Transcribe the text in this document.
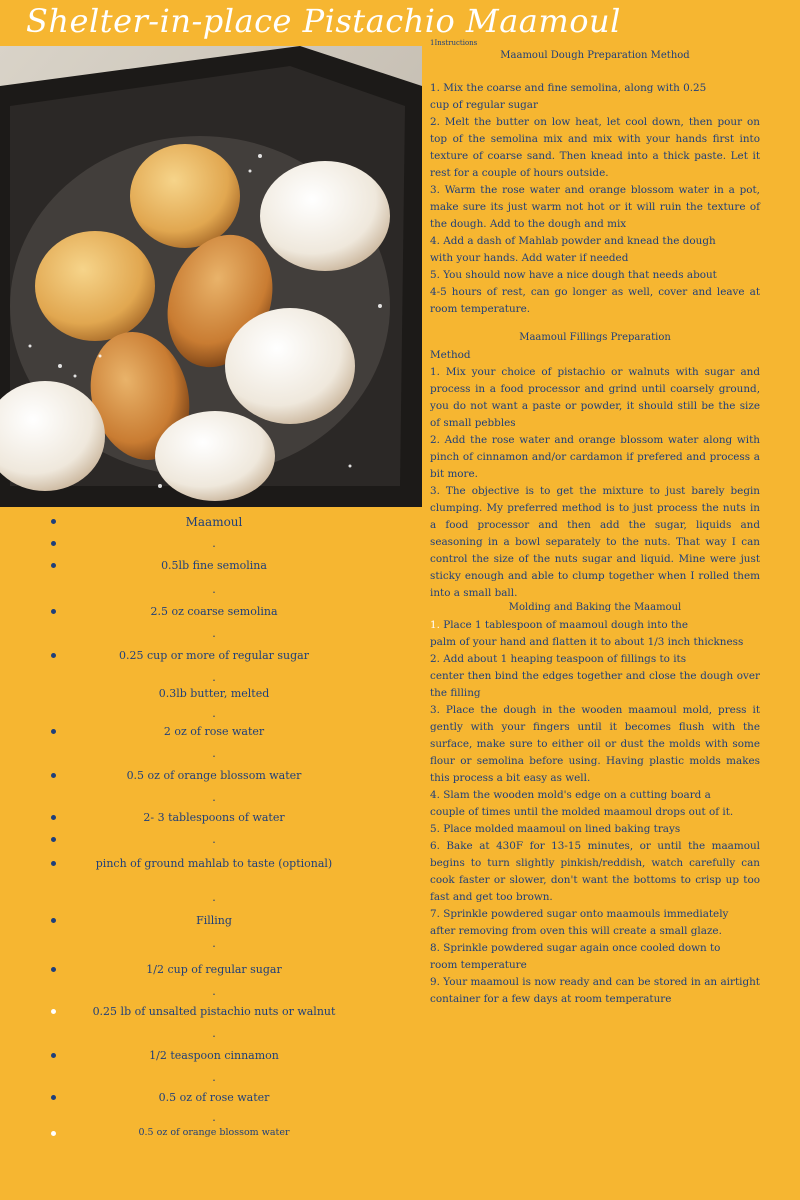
Shelter-in-place Pistachio Maamoul
1Instructions
Maamoul Dough Preparation Method

1. Mix the coarse and fine semolina, along with 0.25

cup of regular sugar

2. Melt the butter on low heat, let cool down, then pour on top of the semolina mix and mix with your hands first into texture of coarse sand. Then knead into a thick paste. Let it rest for a couple of hours outside.

3. Warm the rose water and orange blossom water in a pot, make sure its just warm not hot or it will ruin the texture of the dough. Add to the dough and mix

4. Add a dash of Mahlab powder and knead the dough

with your hands. Add water if needed

5. You should now have a nice dough that needs about

4-5 hours of rest, can go longer as well, cover and leave at room temperature.

Maamoul Fillings Preparation

Method

1. Mix your choice of pistachio or walnuts with sugar and process in a food processor and grind until coarsely ground, you do not want a paste or powder, it should still be the size of small pebbles

2. Add the rose water and orange blossom water along with pinch of cinnamon and/or cardamon if prefered and process a bit more.

3. The objective is to get the mixture to just barely begin clumping. My preferred method is to just process the nuts in a food processor and then add the sugar, liquids and seasoning in a bowl separately to the nuts. That way I can control the size of the nuts sugar and liquid. Mine were just sticky enough and able to clump together when I rolled them into a small ball.

Molding and Baking the Maamoul

1. Place 1 tablespoon of maamoul dough into the

palm of your hand and flatten it to about 1/3 inch thickness

2. Add about 1 heaping teaspoon of fillings to its

center then bind the edges together and close the dough over the filling

3. Place the dough in the wooden maamoul mold, press it gently with your fingers until it becomes flush with the surface, make sure to either oil or dust the molds with some flour or semolina before using. Having plastic molds makes this process a bit easy as well.

4. Slam the wooden mold's edge on a cutting board a

couple of times until the molded maamoul drops out of it.

5. Place molded maamoul on lined baking trays

6. Bake at 430F for 13-15 minutes, or until the maamoul begins to turn slightly pinkish/reddish, watch carefully can cook faster or slower, don't want the bottoms to crisp up too fast and get too brown.

7. Sprinkle powdered sugar onto maamouls immediately

after removing from oven this will create a small glaze.

8. Sprinkle powdered sugar again once cooled down to

room temperature

9. Your maamoul is now ready and can be stored in an airtight container for a few days at room temperature

Maamoul
.
0.5lb fine semolina
.
2.5 oz coarse semolina
.
0.25 cup or more of regular sugar
.
0.3lb butter, melted
.
2 oz of rose water
.
0.5 oz of orange blossom water
.
2- 3 tablespoons of water
.
pinch of ground mahlab to taste (optional)
.
Filling
.
1/2 cup of regular sugar
.
0.25 lb of unsalted pistachio nuts or walnut
.
1/2 teaspoon cinnamon
.
0.5 oz of rose water
.
0.5 oz of orange blossom water
